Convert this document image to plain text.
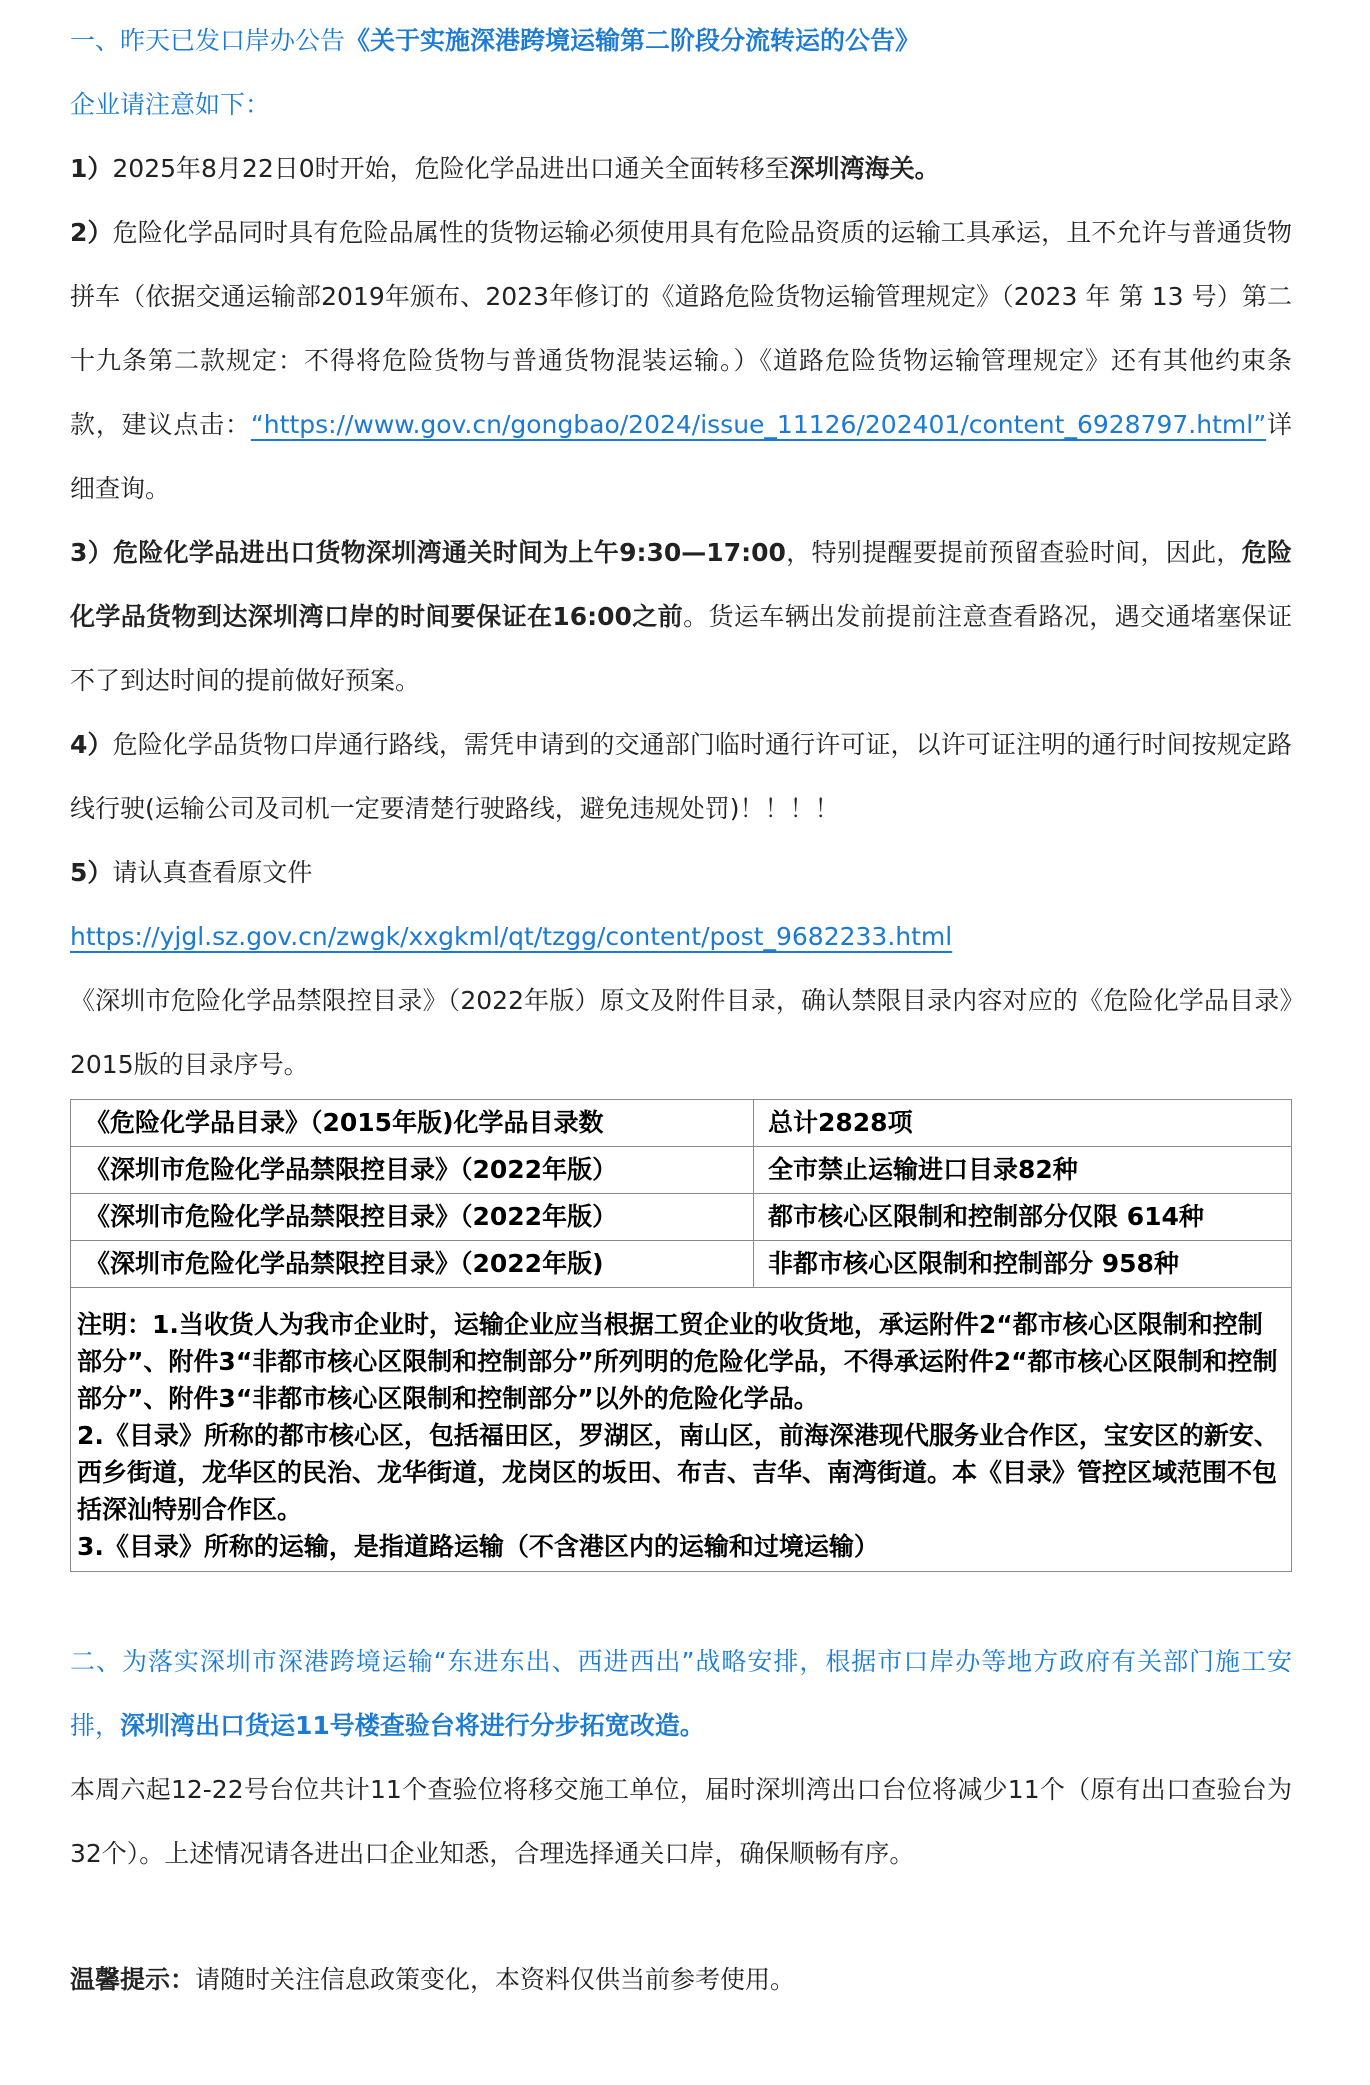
一、昨天已发口岸办公告《关于实施深港跨境运输第二阶段分流转运的公告》

企业请注意如下：

1）2025年8月22日0时开始，危险化学品进出口通关全面转移至深圳湾海关。

2）危险化学品同时具有危险品属性的货物运输必须使用具有危险品资质的运输工具承运，且不允许与普通货物拼车（依据交通运输部2019年颁布、2023年修订的《道路危险货物运输管理规定》（2023 年 第 13 号）第二十九条第二款规定：不得将危险货物与普通货物混装运输。）《道路危险货物运输管理规定》还有其他约束条款，建议点击：“https://www.gov.cn/gongbao/2024/issue_11126/202401/content_6928797.html”详细查询。

3）危险化学品进出口货物深圳湾通关时间为上午9:30—17:00，特别提醒要提前预留查验时间，因此，危险化学品货物到达深圳湾口岸的时间要保证在16:00之前。货运车辆出发前提前注意查看路况，遇交通堵塞保证不了到达时间的提前做好预案。

4）危险化学品货物口岸通行路线，需凭申请到的交通部门临时通行许可证，以许可证注明的通行时间按规定路线行驶(运输公司及司机一定要清楚行驶路线，避免违规处罚)！！！！

5）请认真查看原文件

https://yjgl.sz.gov.cn/zwgk/xxgkml/qt/tzgg/content/post_9682233.html

《深圳市危险化学品禁限控目录》（2022年版）原文及附件目录，确认禁限目录内容对应的《危险化学品目录》2015版的目录序号。

《危险化学品目录》（2015年版)化学品目录数	总计2828项
《深圳市危险化学品禁限控目录》（2022年版）	全市禁止运输进口目录82种
《深圳市危险化学品禁限控目录》（2022年版）	都市核心区限制和控制部分仅限 614种
《深圳市危险化学品禁限控目录》（2022年版)	非都市核心区限制和控制部分 958种

注明：1.当收货人为我市企业时，运输企业应当根据工贸企业的收货地，承运附件2“都市核心区限制和控制部分”、附件3“非都市核心区限制和控制部分”所列明的危险化学品，不得承运附件2“都市核心区限制和控制部分”、附件3“非都市核心区限制和控制部分”以外的危险化学品。
2.《目录》所称的都市核心区，包括福田区，罗湖区，南山区，前海深港现代服务业合作区，宝安区的新安、西乡街道，龙华区的民治、龙华街道，龙岗区的坂田、布吉、吉华、南湾街道。本《目录》管控区域范围不包括深汕特别合作区。
3.《目录》所称的运输，是指道路运输（不含港区内的运输和过境运输）	

二、为落实深圳市深港跨境运输“东进东出、西进西出”战略安排，根据市口岸办等地方政府有关部门施工安排，深圳湾出口货运11号楼查验台将进行分步拓宽改造。

本周六起12-22号台位共计11个查验位将移交施工单位，届时深圳湾出口台位将减少11个（原有出口查验台为32个）。上述情况请各进出口企业知悉，合理选择通关口岸，确保顺畅有序。

温馨提示：请随时关注信息政策变化，本资料仅供当前参考使用。
